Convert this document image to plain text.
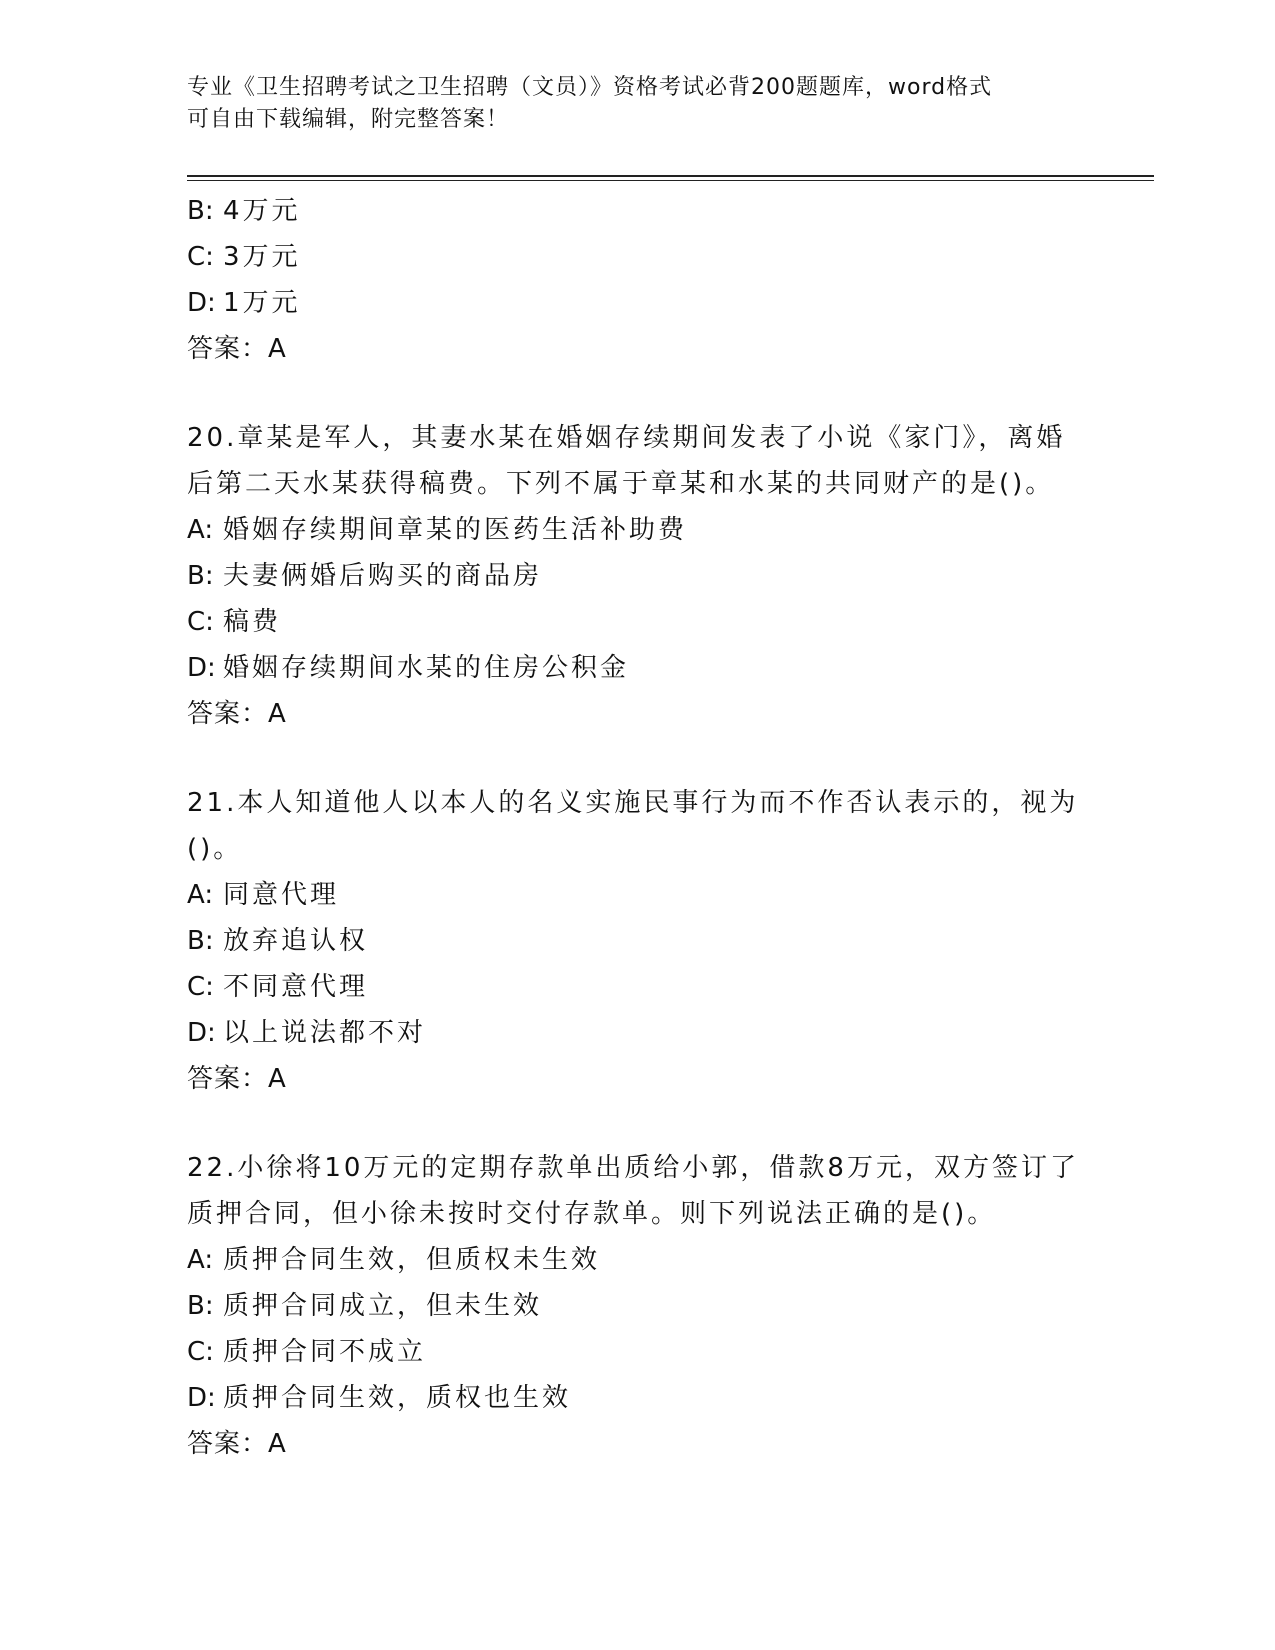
专业《卫生招聘考试之卫生招聘（文员）》资格考试必背200题题库，word格式
可自由下载编辑，附完整答案！
B: 4万元
C: 3万元
D: 1万元
答案：A
20.章某是军人，其妻水某在婚姻存续期间发表了小说《家门》，离婚后第二天水某获得稿费。下列不属于章某和水某的共同财产的是()。
A: 婚姻存续期间章某的医药生活补助费
B: 夫妻俩婚后购买的商品房
C: 稿费
D: 婚姻存续期间水某的住房公积金
答案：A
21.本人知道他人以本人的名义实施民事行为而不作否认表示的，视为()。
A: 同意代理
B: 放弃追认权
C: 不同意代理
D: 以上说法都不对
答案：A
22.小徐将10万元的定期存款单出质给小郭，借款8万元，双方签订了质押合同，但小徐未按时交付存款单。则下列说法正确的是()。
A: 质押合同生效，但质权未生效
B: 质押合同成立，但未生效
C: 质押合同不成立
D: 质押合同生效，质权也生效
答案：A
